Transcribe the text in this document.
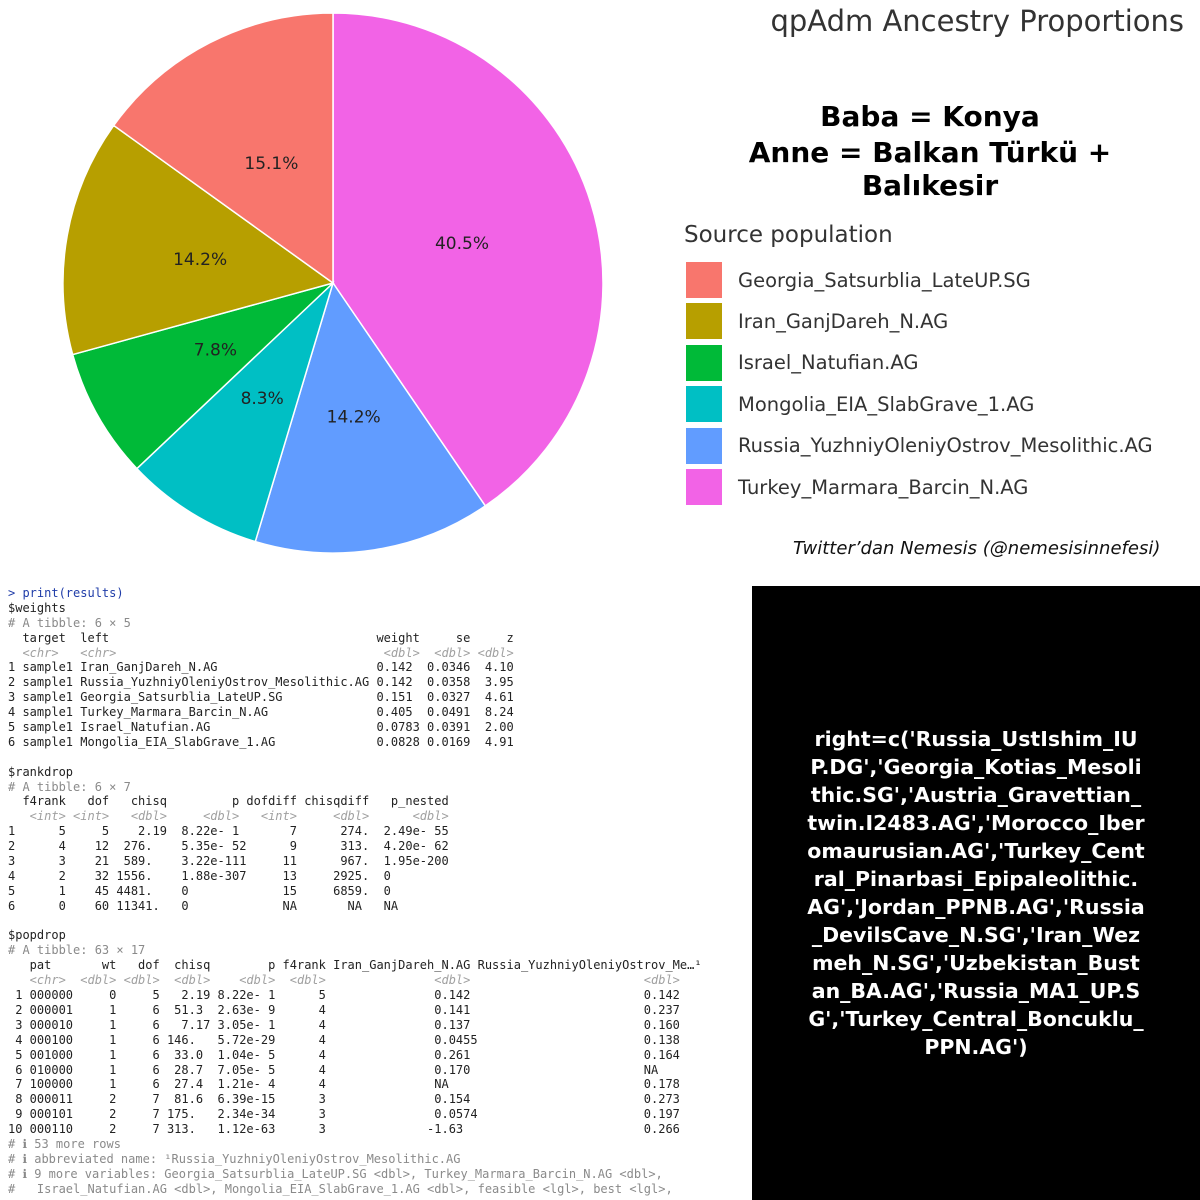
40.5%
14.2%
8.3%
7.8%
14.2%
15.1%
qpAdm Ancestry Proportions
Baba = Konya
Anne = Balkan Türkü + Balıkesir
Source population
Georgia_Satsurblia_LateUP.SG
Iran_GanjDareh_N.AG
Israel_Natufian.AG
Mongolia_EIA_SlabGrave_1.AG
Russia_YuzhniyOleniyOstrov_Mesolithic.AG
Turkey_Marmara_Barcin_N.AG
Twitter’dan Nemesis (@nemesisinnefesi)
> print(results)
$weights
# A tibble: 6 × 5
target  left                                     weight     se     z
<chr>   <chr>                                     <dbl>  <dbl> <dbl>
1 sample1 Iran_GanjDareh_N.AG                      0.142  0.0346  4.10
2 sample1 Russia_YuzhniyOleniyOstrov_Mesolithic.AG 0.142  0.0358  3.95
3 sample1 Georgia_Satsurblia_LateUP.SG             0.151  0.0327  4.61
4 sample1 Turkey_Marmara_Barcin_N.AG               0.405  0.0491  8.24
5 sample1 Israel_Natufian.AG                       0.0783 0.0391  2.00
6 sample1 Mongolia_EIA_SlabGrave_1.AG              0.0828 0.0169  4.91
$rankdrop
# A tibble: 6 × 7
f4rank   dof   chisq         p dofdiff chisqdiff   p_nested
<int> <int>   <dbl>     <dbl>   <int>     <dbl>      <dbl>
1      5     5    2.19  8.22e- 1       7      274.  2.49e- 55
2      4    12  276.    5.35e- 52      9      313.  4.20e- 62
3      3    21  589.    3.22e-111     11      967.  1.95e-200
4      2    32 1556.    1.88e-307     13     2925.  0
5      1    45 4481.    0             15     6859.  0
6      0    60 11341.   0             NA       NA   NA
$popdrop
# A tibble: 63 × 17
pat       wt   dof  chisq        p f4rank Iran_GanjDareh_N.AG Russia_YuzhniyOleniyOstrov_Me…¹
<chr>  <dbl> <dbl>  <dbl>    <dbl>  <dbl>               <dbl>                        <dbl>
1 000000     0     5   2.19 8.22e- 1      5               0.142                        0.142
2 000001     1     6  51.3  2.63e- 9      4               0.141                        0.237
3 000010     1     6   7.17 3.05e- 1      4               0.137                        0.160
4 000100     1     6 146.   5.72e-29      4               0.0455                       0.138
5 001000     1     6  33.0  1.04e- 5      4               0.261                        0.164
6 010000     1     6  28.7  7.05e- 5      4               0.170                        NA
7 100000     1     6  27.4  1.21e- 4      4               NA                           0.178
8 000011     2     7  81.6  6.39e-15      3               0.154                        0.273
9 000101     2     7 175.   2.34e-34      3               0.0574                       0.197
10 000110     2     7 313.   1.12e-63      3              -1.63                         0.266
# ℹ 53 more rows
# ℹ abbreviated name: ¹Russia_YuzhniyOleniyOstrov_Mesolithic.AG
# ℹ 9 more variables: Georgia_Satsurblia_LateUP.SG <dbl>, Turkey_Marmara_Barcin_N.AG <dbl>,
#   Israel_Natufian.AG <dbl>, Mongolia_EIA_SlabGrave_1.AG <dbl>, feasible <lgl>, best <lgl>,
right=c('Russia_UstIshim_IUP.DG','Georgia_Kotias_Mesolithic.SG','Austria_Gravettian_twin.I2483.AG','Morocco_Iberomaurusian.AG','Turkey_Central_Pinarbasi_Epipaleolithic.AG','Jordan_PPNB.AG','Russia_DevilsCave_N.SG','Iran_Wezmeh_N.SG','Uzbekistan_Bustan_BA.AG','Russia_MA1_UP.SG','Turkey_Central_Boncuklu_PPN.AG')
